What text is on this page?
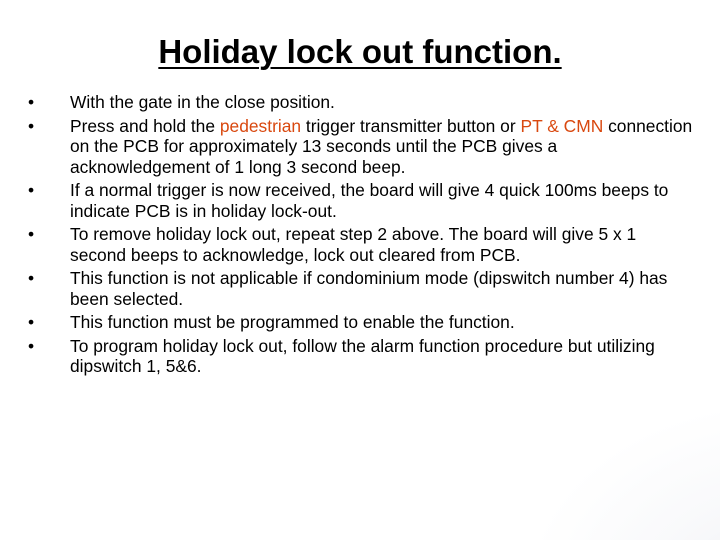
Holiday lock out function.
•	With the gate in the close position.
•	Press and hold the pedestrian trigger transmitter button or PT & CMN connection on the PCB for approximately 13 seconds until the PCB gives a acknowledgement of 1 long 3 second beep.
•	If a normal trigger is now received, the board will give 4 quick 100ms beeps to indicate PCB is in holiday lock-out.
•	To remove holiday lock out, repeat step 2 above. The board will give 5 x 1 second beeps to acknowledge, lock out cleared from PCB.
•	This function is not applicable if condominium mode (dipswitch number 4) has been selected.
•	This function must be programmed to enable the function.
•	To program holiday lock out, follow the alarm function procedure but utilizing dipswitch 1, 5&6.
